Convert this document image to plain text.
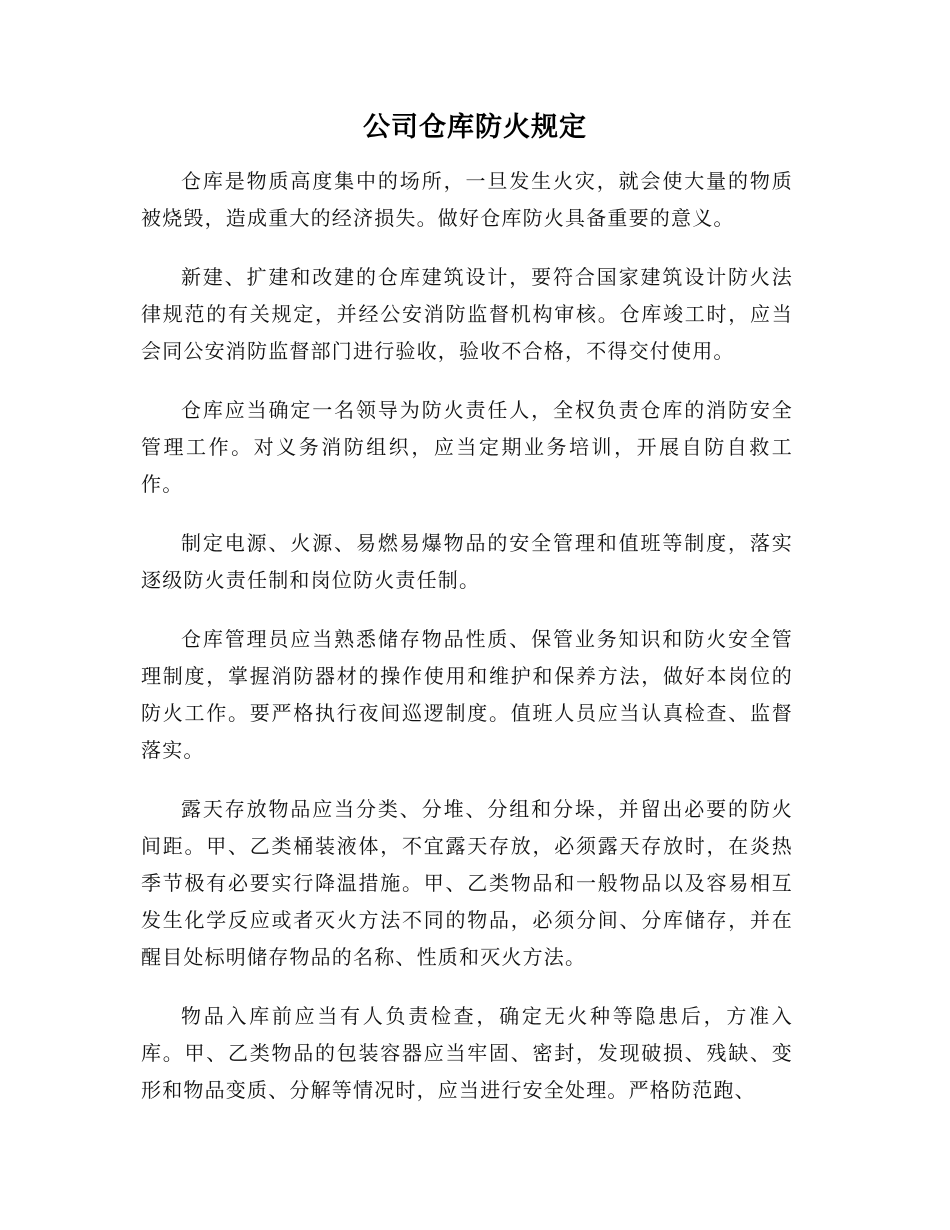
公司仓库防火规定

仓库是物质高度集中的场所，一旦发生火灾，就会使大量的物质被烧毁，造成重大的经济损失。做好仓库防火具备重要的意义。

新建、扩建和改建的仓库建筑设计，要符合国家建筑设计防火法律规范的有关规定，并经公安消防监督机构审核。仓库竣工时，应当会同公安消防监督部门进行验收，验收不合格，不得交付使用。

仓库应当确定一名领导为防火责任人，全权负责仓库的消防安全管理工作。对义务消防组织，应当定期业务培训，开展自防自救工作。

制定电源、火源、易燃易爆物品的安全管理和值班等制度，落实逐级防火责任制和岗位防火责任制。

仓库管理员应当熟悉储存物品性质、保管业务知识和防火安全管理制度，掌握消防器材的操作使用和维护和保养方法，做好本岗位的防火工作。要严格执行夜间巡逻制度。值班人员应当认真检查、监督落实。

露天存放物品应当分类、分堆、分组和分垛，并留出必要的防火间距。甲、乙类桶装液体，不宜露天存放，必须露天存放时，在炎热季节极有必要实行降温措施。甲、乙类物品和一般物品以及容易相互发生化学反应或者灭火方法不同的物品，必须分间、分库储存，并在醒目处标明储存物品的名称、性质和灭火方法。

物品入库前应当有人负责检查，确定无火种等隐患后，方准入库。甲、乙类物品的包装容器应当牢固、密封，发现破损、残缺、变形和物品变质、分解等情况时，应当进行安全处理。严格防范跑、
